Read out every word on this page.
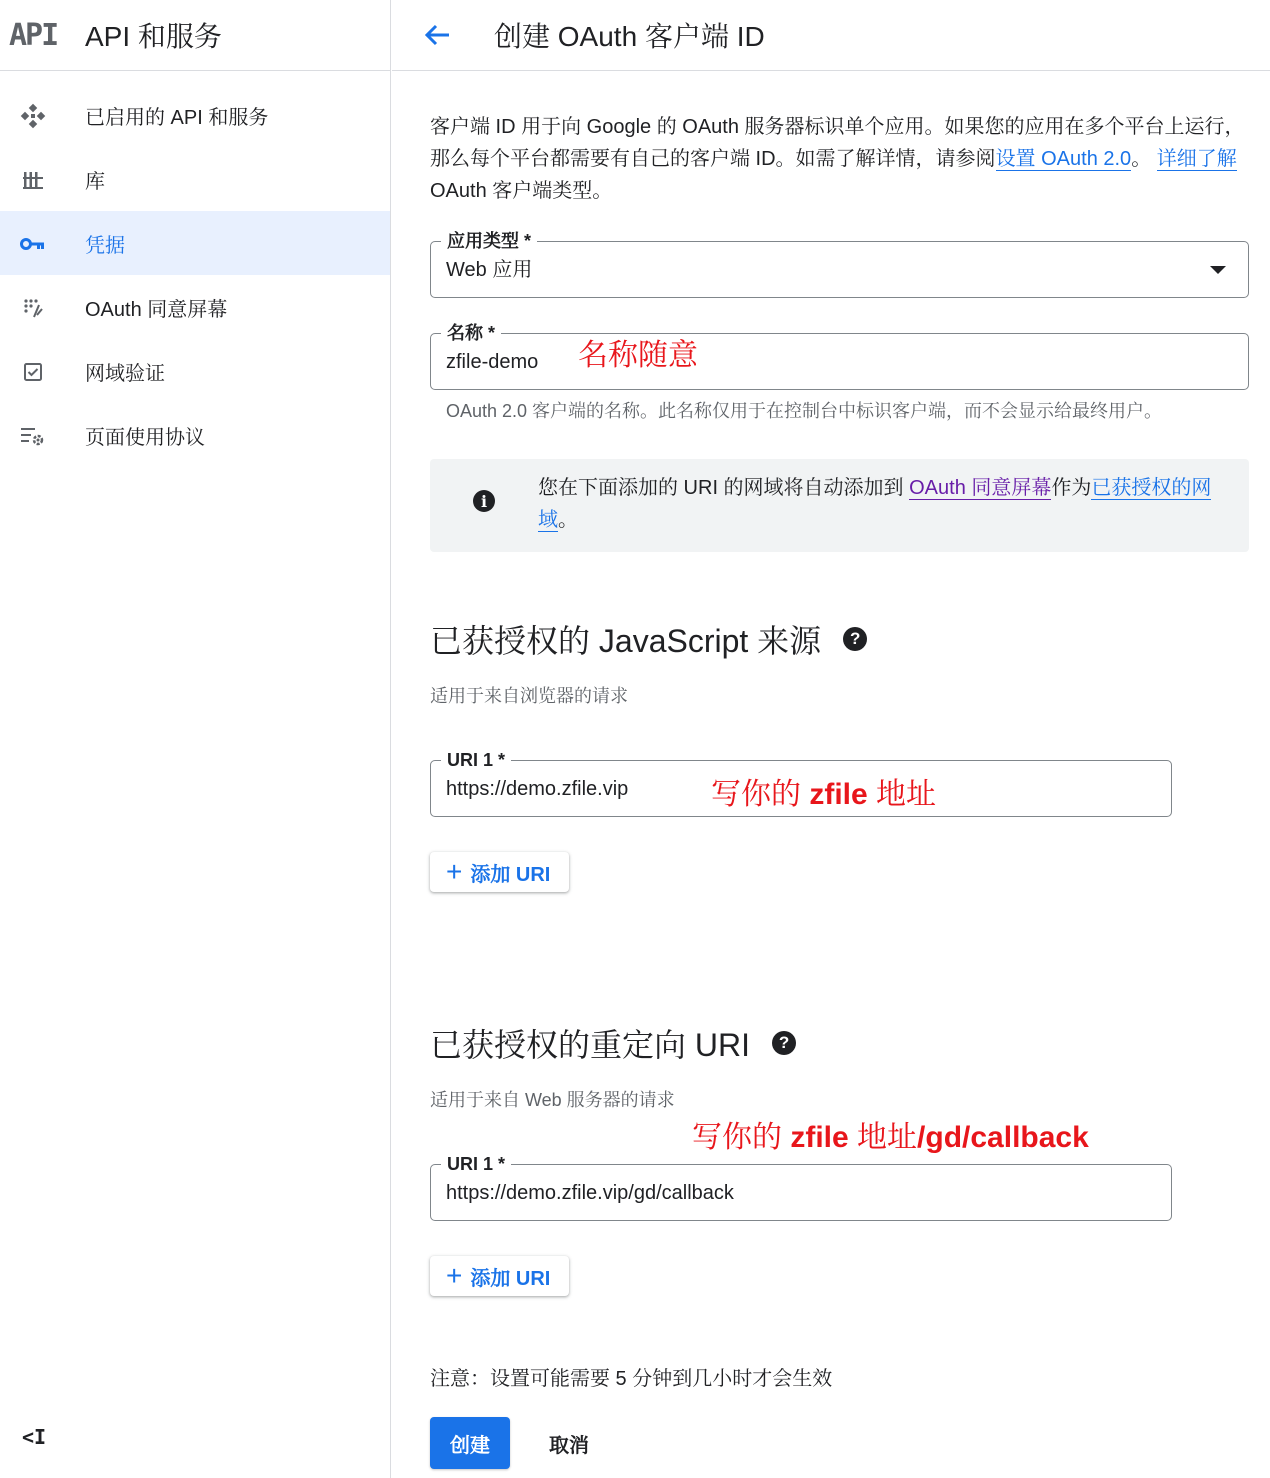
API API 和服务
已启用的 API 和服务
库
凭据
OAuth 同意屏幕
网域验证
页面使用协议
<I
创建 OAuth 客户端 ID

客户端 ID 用于向 Google 的 OAuth 服务器标识单个应用。如果您的应用在多个平台上运行，那么每个平台都需要有自己的客户端 ID。如需了解详情，请参阅设置 OAuth 2.0。 详细了解 OAuth 客户端类型。

应用类型 *
Web 应用
名称 *
zfile-demo 名称随意
OAuth 2.0 客户端的名称。此名称仅用于在控制台中标识客户端，而不会显示给最终用户。
i

您在下面添加的 URI 的网域将自动添加到 OAuth 同意屏幕作为已获授权的网域。

已获授权的 JavaScript 来源	?
适用于来自浏览器的请求
URI 1 *
https://demo.zfile.vip	写你的 zfile 地址
+ 添加 URI
已获授权的重定向 URI	?
适用于来自 Web 服务器的请求
写你的 zfile 地址/gd/callback
URI 1 *
https://demo.zfile.vip/gd/callback
+ 添加 URI
注意：设置可能需要 5 分钟到几小时才会生效
创建	取消
